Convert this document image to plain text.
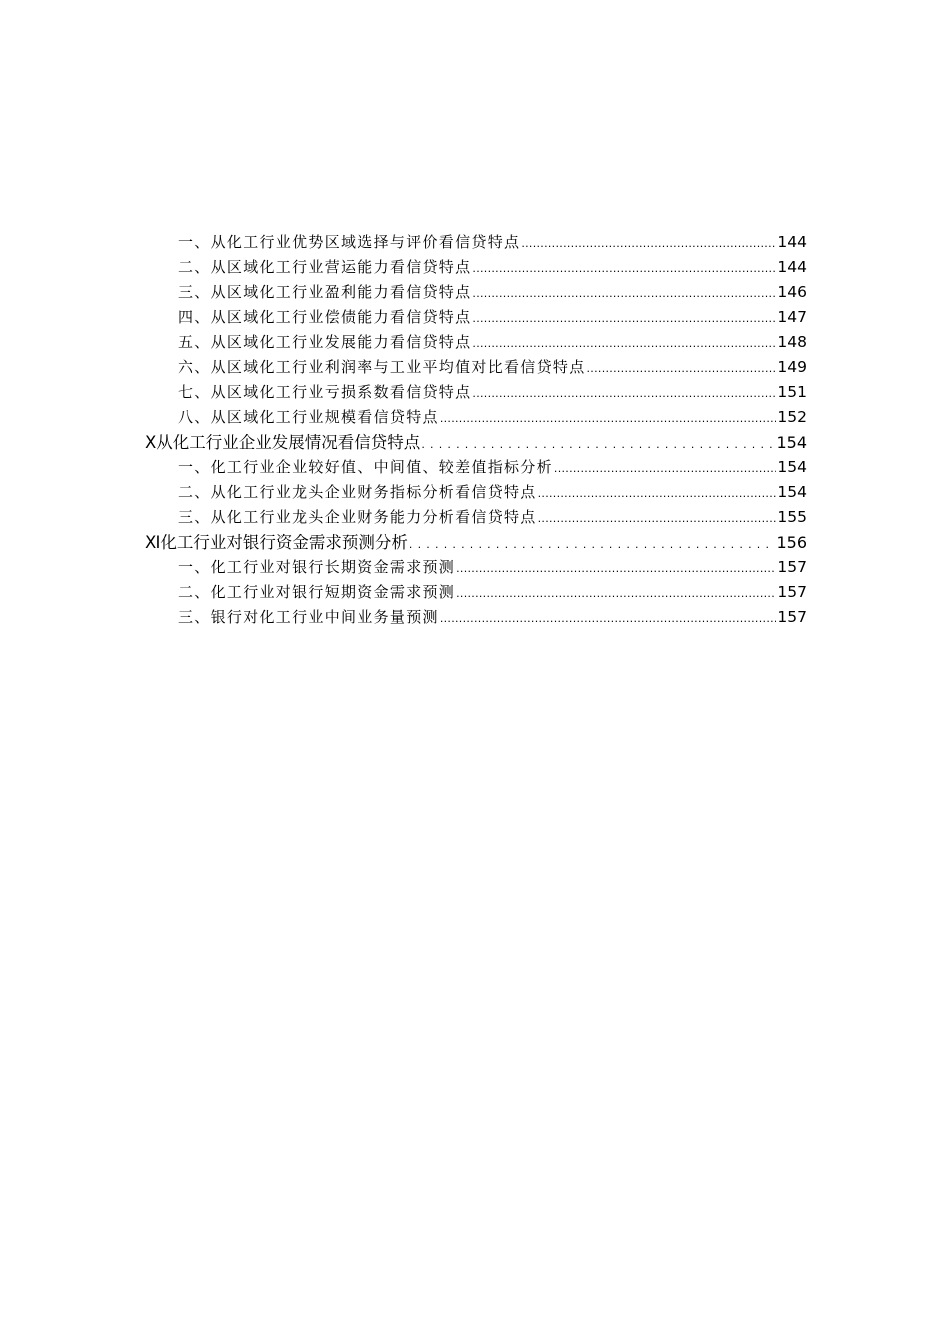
一、从化工行业优势区域选择与评价看信贷特点 .....	144
二、从区域化工行业营运能力看信贷特点 .....	144
三、从区域化工行业盈利能力看信贷特点 .....	146
四、从区域化工行业偿债能力看信贷特点 .....	147
五、从区域化工行业发展能力看信贷特点 .....	148
六、从区域化工行业利润率与工业平均值对比看信贷特点 .....	149
七、从区域化工行业亏损系数看信贷特点 .....	151
八、从区域化工行业规模看信贷特点 .....	152
Ⅹ从化工行业企业发展情况看信贷特点 .....	154
一、化工行业企业较好值、中间值、较差值指标分析 .....	154
二、从化工行业龙头企业财务指标分析看信贷特点 .....	154
三、从化工行业龙头企业财务能力分析看信贷特点 .....	155
Ⅺ化工行业对银行资金需求预测分析 .....	156
一、化工行业对银行长期资金需求预测 .....	157
二、化工行业对银行短期资金需求预测 .....	157
三、银行对化工行业中间业务量预测 .....	157
